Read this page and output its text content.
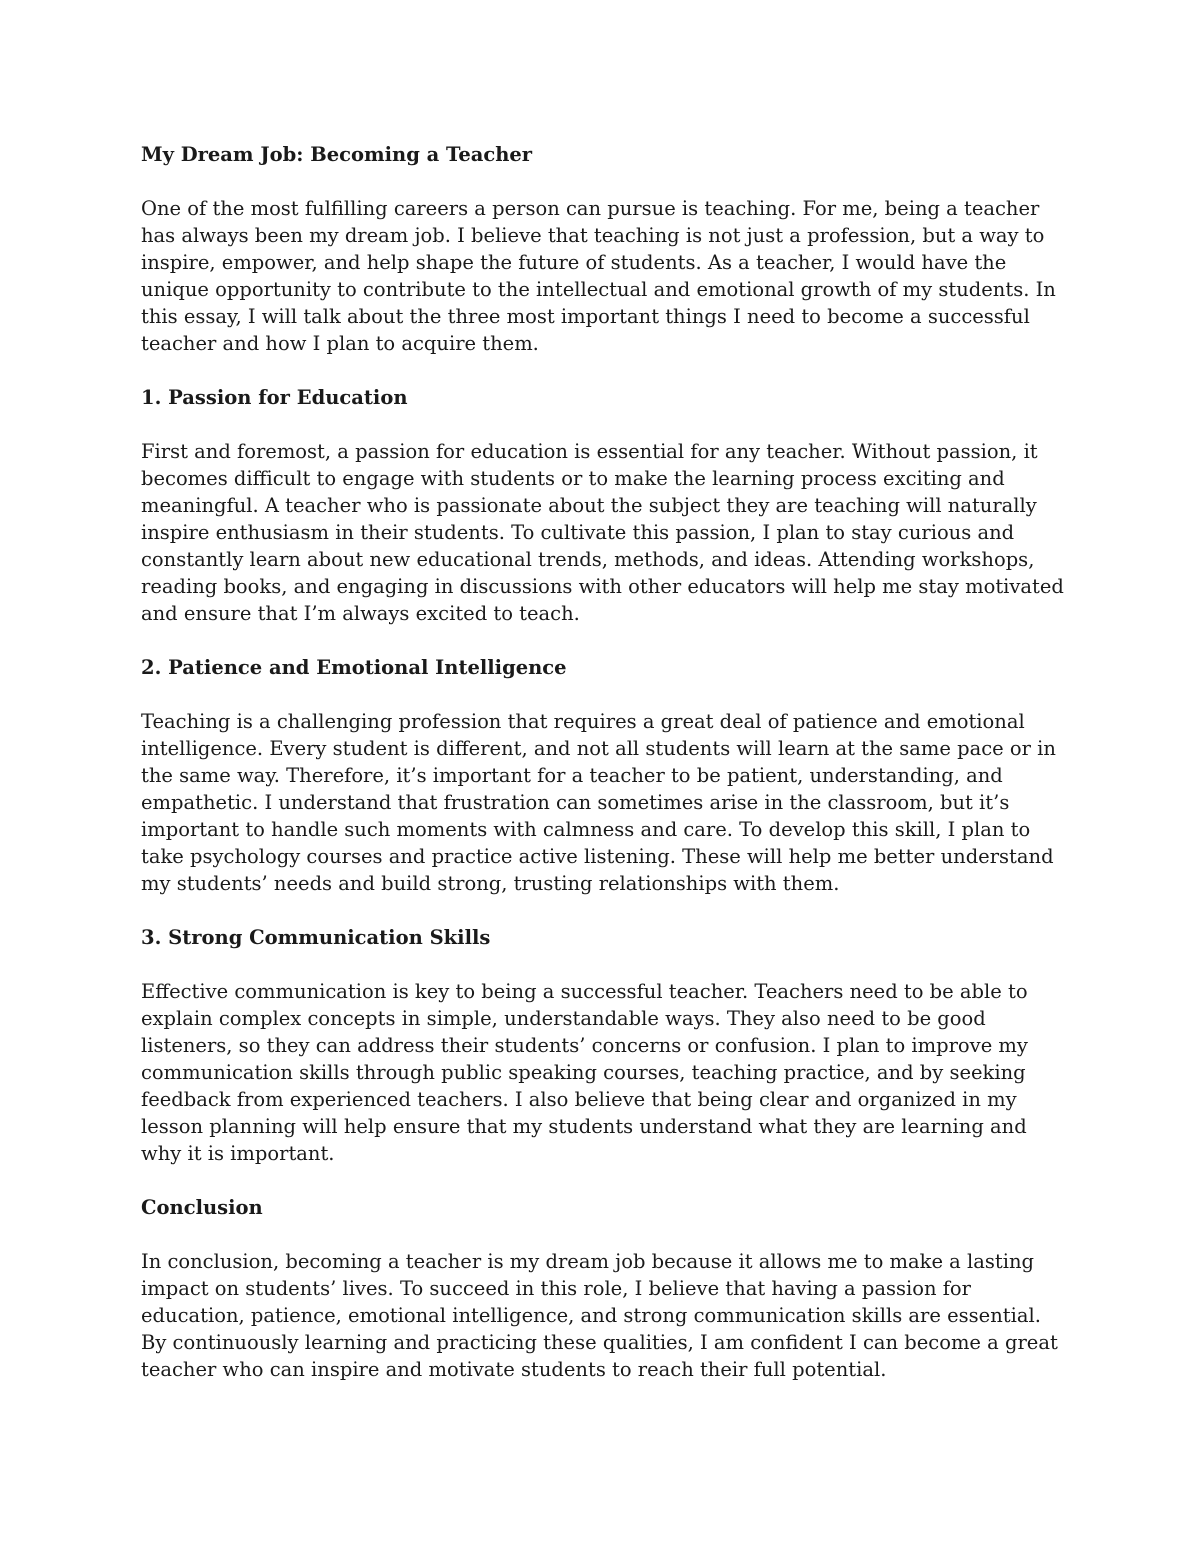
My Dream Job: Becoming a Teacher

One of the most fulfilling careers a person can pursue is teaching. For me, being a teacher has always been my dream job. I believe that teaching is not just a profession, but a way to inspire, empower, and help shape the future of students. As a teacher, I would have the unique opportunity to contribute to the intellectual and emotional growth of my students. In this essay, I will talk about the three most important things I need to become a successful teacher and how I plan to acquire them.

1. Passion for Education

First and foremost, a passion for education is essential for any teacher. Without passion, it becomes difficult to engage with students or to make the learning process exciting and meaningful. A teacher who is passionate about the subject they are teaching will naturally inspire enthusiasm in their students. To cultivate this passion, I plan to stay curious and constantly learn about new educational trends, methods, and ideas. Attending workshops, reading books, and engaging in discussions with other educators will help me stay motivated and ensure that I’m always excited to teach.

2. Patience and Emotional Intelligence

Teaching is a challenging profession that requires a great deal of patience and emotional intelligence. Every student is different, and not all students will learn at the same pace or in the same way. Therefore, it’s important for a teacher to be patient, understanding, and empathetic. I understand that frustration can sometimes arise in the classroom, but it’s important to handle such moments with calmness and care. To develop this skill, I plan to take psychology courses and practice active listening. These will help me better understand my students’ needs and build strong, trusting relationships with them.

3. Strong Communication Skills

Effective communication is key to being a successful teacher. Teachers need to be able to explain complex concepts in simple, understandable ways. They also need to be good listeners, so they can address their students’ concerns or confusion. I plan to improve my communication skills through public speaking courses, teaching practice, and by seeking feedback from experienced teachers. I also believe that being clear and organized in my lesson planning will help ensure that my students understand what they are learning and why it is important.

Conclusion

In conclusion, becoming a teacher is my dream job because it allows me to make a lasting impact on students’ lives. To succeed in this role, I believe that having a passion for education, patience, emotional intelligence, and strong communication skills are essential. By continuously learning and practicing these qualities, I am confident I can become a great teacher who can inspire and motivate students to reach their full potential.
